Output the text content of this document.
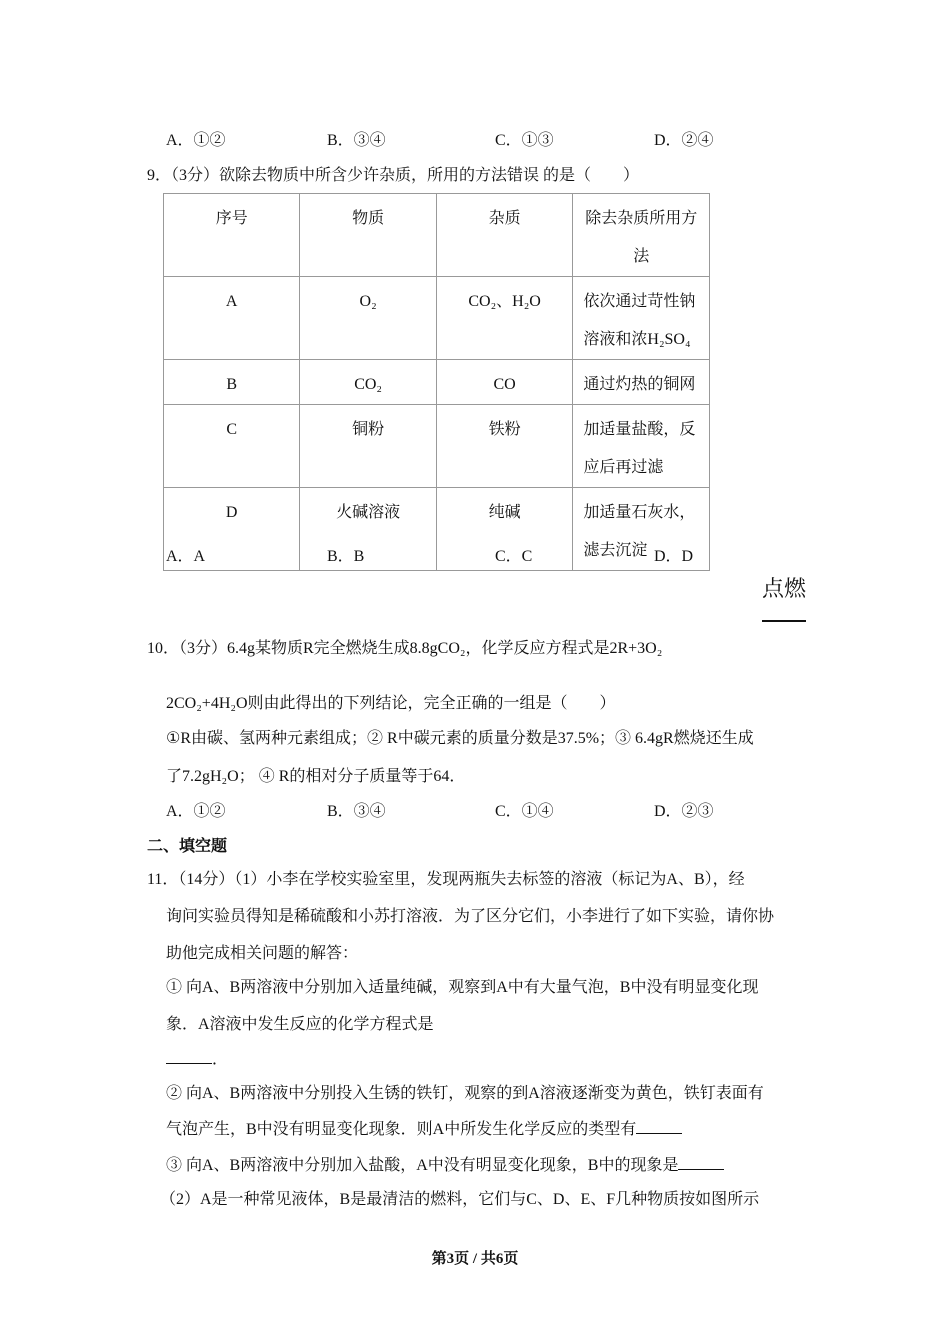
A．①②	B．③④	C．①③	D．②④
9．（3分）欲除去物质中所含少许杂质，所用的方法错误 的是（　　）
序号	物质	杂质	除去杂质所用方法
A	O₂	CO₂、H₂O	依次通过苛性钠溶液和浓H₂SO₄
B	CO₂	CO	通过灼热的铜网
C	铜粉	铁粉	加适量盐酸，反应后再过滤
D	火碱溶液	纯碱	加适量石灰水，滤去沉淀
A．A	B．B	C．C	D．D
点燃
10．（3分）6.4g某物质R完全燃烧生成8.8gCO₂，化学反应方程式是2R+3O₂
2CO₂+4H₂O则由此得出的下列结论，完全正确的一组是（　　）
①R由碳、氢两种元素组成；② R中碳元素的质量分数是37.5%；③ 6.4gR燃烧还生成
了7.2gH₂O； ④ R的相对分子质量等于64．
A．①②	B．③④	C．①④	D．②③
二、填空题
11．（14分）（1）小李在学校实验室里，发现两瓶失去标签的溶液（标记为A、B），经
询问实验员得知是稀硫酸和小苏打溶液．为了区分它们，小李进行了如下实验，请你协
助他完成相关问题的解答：
① 向A、B两溶液中分别加入适量纯碱，观察到A中有大量气泡，B中没有明显变化现
象．A溶液中发生反应的化学方程式是
．
② 向A、B两溶液中分别投入生锈的铁钉，观察的到A溶液逐渐变为黄色，铁钉表面有
气泡产生，B中没有明显变化现象．则A中所发生化学反应的类型有
③ 向A、B两溶液中分别加入盐酸，A中没有明显变化现象，B中的现象是
（2）A是一种常见液体，B是最清洁的燃料，它们与C、D、E、F几种物质按如图所示
第3页 / 共6页
